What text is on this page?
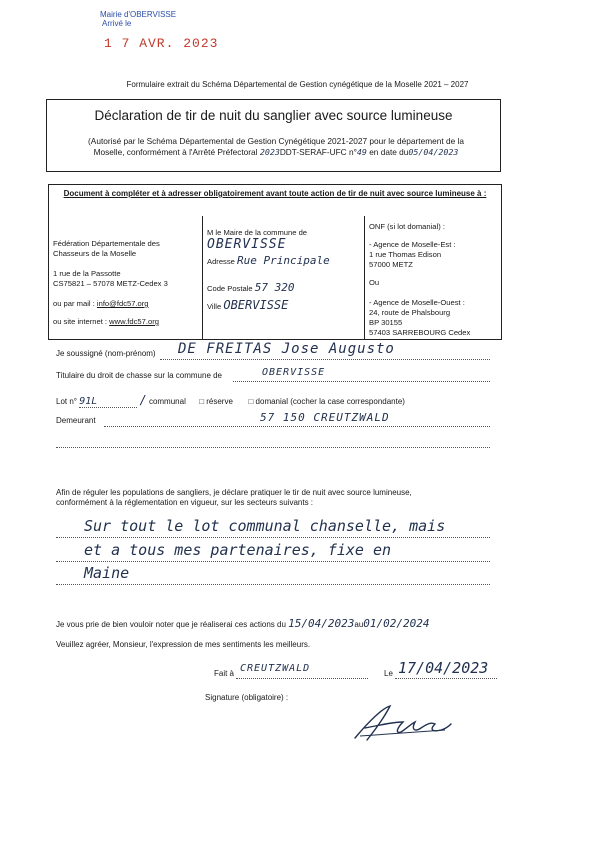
Mairie d'OBERVISSE
Arrivé le
1 7 AVR. 2023
Formulaire extrait du Schéma Départemental de Gestion cynégétique de la Moselle 2021 – 2027
Déclaration de tir de nuit du sanglier avec source lumineuse
(Autorisé par le Schéma Départemental de Gestion Cynégétique 2021-2027 pour le département de la
Moselle, conformément à l'Arrêté Préfectoral 2023DDT-SERAF-UFC n°49 en date du05/04/2023
Document à compléter et à adresser obligatoirement avant toute action de tir de nuit avec source lumineuse à :
Fédération Départementale des
Chasseurs de la Moselle
1 rue de la Passotte
CS75821 – 57078 METZ-Cedex 3
ou par mail : info@fdc57.org
ou site internet : www.fdc57.org
M le Maire de la commune de
OBERVISSE
Adresse Rue Principale
Code Postale 57 320
Ville OBERVISSE
ONF (si lot domanial) :
- Agence de Moselle-Est :
1 rue Thomas Edison
57000 METZ
Ou
- Agence de Moselle-Ouest :
24, route de Phalsbourg
BP 30155
57403 SARREBOURG Cedex
Je soussigné (nom-prénom) DE FREITAS Jose Augusto
Titulaire du droit de chasse sur la commune de	OBERVISSE
Lot n° 91L	/ communal □ réserve □ domanial (cocher la case correspondante)
Demeurant	57 150 CREUTZWALD
Afin de réguler les populations de sangliers, je déclare pratiquer le tir de nuit avec source lumineuse,
conformément à la réglementation en vigueur, sur les secteurs suivants :
Sur tout le lot communal chanselle, mais
et a tous mes partenaires, fixe en
Maine
Je vous prie de bien vouloir noter que je réaliserai ces actions du 15/04/2023au01/02/2024
Veuillez agréer, Monsieur, l'expression de mes sentiments les meilleurs.
Fait à CREUTZWALD	Le 17/04/2023
Signature (obligatoire) :
